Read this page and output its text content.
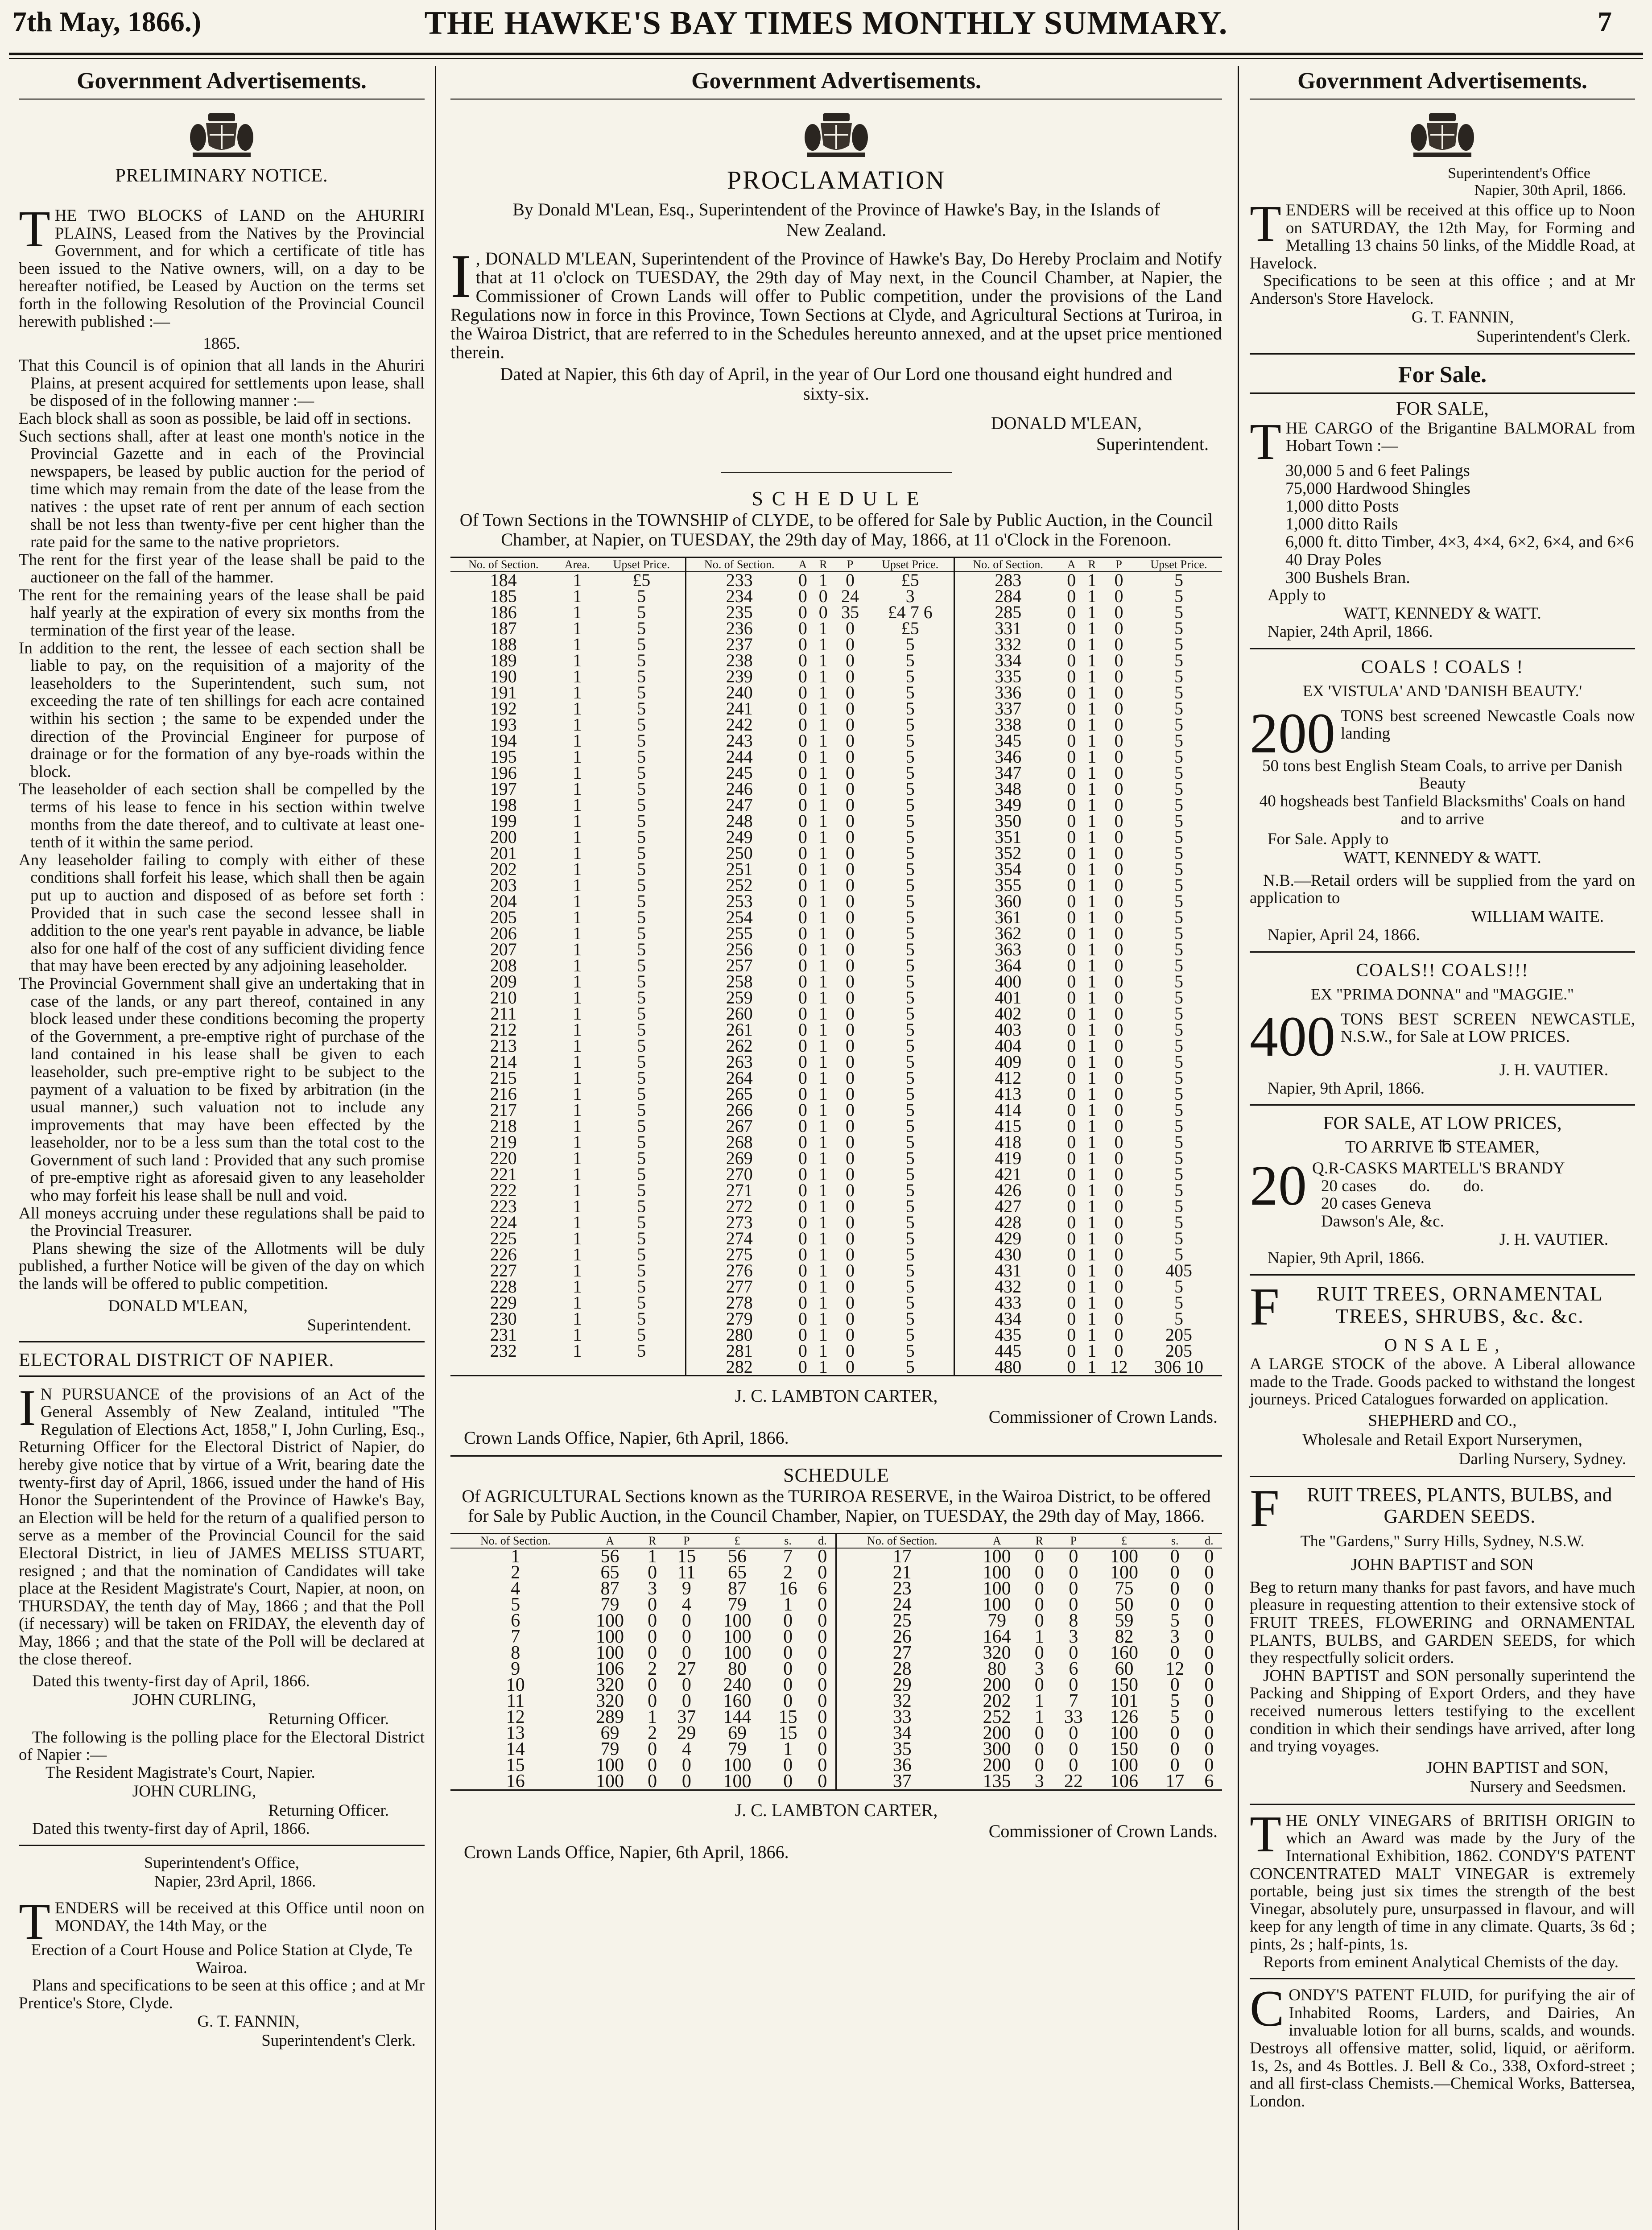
7th May, 1866.)	THE HAWKE'S BAY TIMES MONTHLY SUMMARY.	7
Government Advertisements.

PRELIMINARY NOTICE.

THE TWO BLOCKS of LAND on the AHURIRI PLAINS, Leased from the Natives by the Provincial Government, and for which a certificate of title has been issued to the Native owners, will, on a day to be hereafter notified, be Leased by Auction on the terms set forth in the following Resolution of the Provincial Council herewith published :—

1865.

That this Council is of opinion that all lands in the Ahuriri Plains, at present acquired for settlements upon lease, shall be disposed of in the following manner :—

Each block shall as soon as possible, be laid off in sections.

Such sections shall, after at least one month's notice in the Provincial Gazette and in each of the Provincial newspapers, be leased by public auction for the period of time which may remain from the date of the lease from the natives : the upset rate of rent per annum of each section shall be not less than twenty-five per cent higher than the rate paid for the same to the native proprietors.

The rent for the first year of the lease shall be paid to the auctioneer on the fall of the hammer.

The rent for the remaining years of the lease shall be paid half yearly at the expiration of every six months from the termination of the first year of the lease.

In addition to the rent, the lessee of each section shall be liable to pay, on the requisition of a majority of the leaseholders to the Superintendent, such sum, not exceeding the rate of ten shillings for each acre contained within his section ; the same to be expended under the direction of the Provincial Engineer for purpose of drainage or for the formation of any bye-roads within the block.

The leaseholder of each section shall be compelled by the terms of his lease to fence in his section within twelve months from the date thereof, and to cultivate at least one-tenth of it within the same period.

Any leaseholder failing to comply with either of these conditions shall forfeit his lease, which shall then be again put up to auction and disposed of as before set forth : Provided that in such case the second lessee shall in addition to the one year's rent payable in advance, be liable also for one half of the cost of any sufficient dividing fence that may have been erected by any adjoining leaseholder.

The Provincial Government shall give an undertaking that in case of the lands, or any part thereof, contained in any block leased under these conditions becoming the property of the Government, a pre-emptive right of purchase of the land contained in his lease shall be given to each leaseholder, such pre-emptive right to be subject to the payment of a valuation to be fixed by arbitration (in the usual manner,) such valuation not to include any improvements that may have been effected by the leaseholder, nor to be a less sum than the total cost to the Government of such land : Provided that any such promise of pre-emptive right as aforesaid given to any leaseholder who may forfeit his lease shall be null and void.

All moneys accruing under these regulations shall be paid to the Provincial Treasurer.

Plans shewing the size of the Allotments will be duly published, a further Notice will be given of the day on which the lands will be offered to public competition.

DONALD M'LEAN,

Superintendent.

ELECTORAL DISTRICT OF NAPIER.

I N PURSUANCE of the provisions of an Act of the General Assembly of New Zealand, intituled "The Regulation of Elections Act, 1858," I, John Curling, Esq., Returning Officer for the Electoral District of Napier, do hereby give notice that by virtue of a Writ, bearing date the twenty-first day of April, 1866, issued under the hand of His Honor the Superintendent of the Province of Hawke's Bay, an Election will be held for the return of a qualified person to serve as a member of the Provincial Council for the said Electoral District, in lieu of JAMES MELISS STUART, resigned ; and that the nomination of Candidates will take place at the Resident Magistrate's Court, Napier, at noon, on THURSDAY, the tenth day of May, 1866 ; and that the Poll (if necessary) will be taken on FRIDAY, the eleventh day of May, 1866 ; and that the state of the Poll will be declared at the close thereof.

Dated this twenty-first day of April, 1866.

JOHN CURLING,

Returning Officer.

The following is the polling place for the Electoral District of Napier :—

The Resident Magistrate's Court, Napier.

JOHN CURLING,

Returning Officer.

Dated this twenty-first day of April, 1866.

Superintendent's Office,

Napier, 23rd April, 1866.

TENDERS will be received at this Office until noon on MONDAY, the 14th May, or the

Erection of a Court House and Police Station at Clyde, Te Wairoa.

Plans and specifications to be seen at this office ; and at Mr Prentice's Store, Clyde.

G. T. FANNIN,

Superintendent's Clerk.

Government Advertisements.

PROCLAMATION

By Donald M'Lean, Esq., Superintendent of the Province of Hawke's Bay, in the Islands of New Zealand.

I , DONALD M'LEAN, Superintendent of the Province of Hawke's Bay, Do Hereby Proclaim and Notify that at 11 o'clock on TUESDAY, the 29th day of May next, in the Council Chamber, at Napier, the Commissioner of Crown Lands will offer to Public competition, under the provisions of the Land Regulations now in force in this Province, Town Sections at Clyde, and Agricultural Sections at Turiroa, in the Wairoa District, that are referred to in the Schedules hereunto annexed, and at the upset price mentioned therein.

Dated at Napier, this 6th day of April, in the year of Our Lord one thousand eight hundred and sixty-six.

DONALD M'LEAN,

Superintendent.

S C H E D U L E

Of Town Sections in the TOWNSHIP of CLYDE, to be offered for Sale by Public Auction, in the Council Chamber, at Napier, on TUESDAY, the 29th day of May, 1866, at 11 o'Clock in the Forenoon.

No. of Section.	Area.	Upset Price.	No. of Section.	A	R	P	Upset Price.	No. of Section.	A	R	P	Upset Price.
184	1	£5	233	0	1	0	£5	283	0	1	0	5
185	1	5	234	0	0	24	3	284	0	1	0	5
186	1	5	235	0	0	35	£4 7 6	285	0	1	0	5
187	1	5	236	0	1	0	£5	331	0	1	0	5
188	1	5	237	0	1	0	5	332	0	1	0	5
189	1	5	238	0	1	0	5	334	0	1	0	5
190	1	5	239	0	1	0	5	335	0	1	0	5
191	1	5	240	0	1	0	5	336	0	1	0	5
192	1	5	241	0	1	0	5	337	0	1	0	5
193	1	5	242	0	1	0	5	338	0	1	0	5
194	1	5	243	0	1	0	5	345	0	1	0	5
195	1	5	244	0	1	0	5	346	0	1	0	5
196	1	5	245	0	1	0	5	347	0	1	0	5
197	1	5	246	0	1	0	5	348	0	1	0	5
198	1	5	247	0	1	0	5	349	0	1	0	5
199	1	5	248	0	1	0	5	350	0	1	0	5
200	1	5	249	0	1	0	5	351	0	1	0	5
201	1	5	250	0	1	0	5	352	0	1	0	5
202	1	5	251	0	1	0	5	354	0	1	0	5
203	1	5	252	0	1	0	5	355	0	1	0	5
204	1	5	253	0	1	0	5	360	0	1	0	5
205	1	5	254	0	1	0	5	361	0	1	0	5
206	1	5	255	0	1	0	5	362	0	1	0	5
207	1	5	256	0	1	0	5	363	0	1	0	5
208	1	5	257	0	1	0	5	364	0	1	0	5
209	1	5	258	0	1	0	5	400	0	1	0	5
210	1	5	259	0	1	0	5	401	0	1	0	5
211	1	5	260	0	1	0	5	402	0	1	0	5
212	1	5	261	0	1	0	5	403	0	1	0	5
213	1	5	262	0	1	0	5	404	0	1	0	5
214	1	5	263	0	1	0	5	409	0	1	0	5
215	1	5	264	0	1	0	5	412	0	1	0	5
216	1	5	265	0	1	0	5	413	0	1	0	5
217	1	5	266	0	1	0	5	414	0	1	0	5
218	1	5	267	0	1	0	5	415	0	1	0	5
219	1	5	268	0	1	0	5	418	0	1	0	5
220	1	5	269	0	1	0	5	419	0	1	0	5
221	1	5	270	0	1	0	5	421	0	1	0	5
222	1	5	271	0	1	0	5	426	0	1	0	5
223	1	5	272	0	1	0	5	427	0	1	0	5
224	1	5	273	0	1	0	5	428	0	1	0	5
225	1	5	274	0	1	0	5	429	0	1	0	5
226	1	5	275	0	1	0	5	430	0	1	0	5
227	1	5	276	0	1	0	5	431	0	1	0	405
228	1	5	277	0	1	0	5	432	0	1	0	5
229	1	5	278	0	1	0	5	433	0	1	0	5
230	1	5	279	0	1	0	5	434	0	1	0	5
231	1	5	280	0	1	0	5	435	0	1	0	205
232	1	5	281	0	1	0	5	445	0	1	0	205
			282	0	1	0	5	480	0	1	12	306 10

J. C. LAMBTON CARTER,

Commissioner of Crown Lands.

Crown Lands Office, Napier, 6th April, 1866.

SCHEDULE

Of AGRICULTURAL Sections known as the TURIROA RESERVE, in the Wairoa District, to be offered for Sale by Public Auction, in the Council Chamber, Napier, on TUESDAY, the 29th day of May, 1866.

No. of Section.	A	R	P	£	s.	d.	No. of Section.	A	R	P	£	s.	d.
1	56	1	15	56	7	0	17	100	0	0	100	0	0
2	65	0	11	65	2	0	21	100	0	0	100	0	0
4	87	3	9	87	16	6	23	100	0	0	75	0	0
5	79	0	4	79	1	0	24	100	0	0	50	0	0
6	100	0	0	100	0	0	25	79	0	8	59	5	0
7	100	0	0	100	0	0	26	164	1	3	82	3	0
8	100	0	0	100	0	0	27	320	0	0	160	0	0
9	106	2	27	80	0	0	28	80	3	6	60	12	0
10	320	0	0	240	0	0	29	200	0	0	150	0	0
11	320	0	0	160	0	0	32	202	1	7	101	5	0
12	289	1	37	144	15	0	33	252	1	33	126	5	0
13	69	2	29	69	15	0	34	200	0	0	100	0	0
14	79	0	4	79	1	0	35	300	0	0	150	0	0
15	100	0	0	100	0	0	36	200	0	0	100	0	0
16	100	0	0	100	0	0	37	135	3	22	106	17	6

J. C. LAMBTON CARTER,

Commissioner of Crown Lands.

Crown Lands Office, Napier, 6th April, 1866.

Government Advertisements.

Superintendent's Office

Napier, 30th April, 1866.

TENDERS will be received at this office up to Noon on SATURDAY, the 12th May, for Forming and Metalling 13 chains 50 links, of the Middle Road, at Havelock.

Specifications to be seen at this office ; and at Mr Anderson's Store Havelock.

G. T. FANNIN,

Superintendent's Clerk.

For Sale.

FOR SALE,

THE CARGO of the Brigantine BALMORAL from Hobart Town :—

30,000 5 and 6 feet Palings

75,000 Hardwood Shingles

1,000 ditto Posts

1,000 ditto Rails

6,000 ft. ditto Timber, 4×3, 4×4, 6×2, 6×4, and 6×6

40 Dray Poles

300 Bushels Bran.

Apply to

WATT, KENNEDY & WATT.

Napier, 24th April, 1866.

COALS ! COALS !

EX 'VISTULA' AND 'DANISH BEAUTY.'

200 TONS best screened Newcastle Coals now landing

50 tons best English Steam Coals, to arrive per Danish Beauty

40 hogsheads best Tanfield Blacksmiths' Coals on hand and to arrive

For Sale. Apply to

WATT, KENNEDY & WATT.

N.B.—Retail orders will be supplied from the yard on application to

WILLIAM WAITE.

Napier, April 24, 1866.

COALS!! COALS!!!

EX "PRIMA DONNA" and "MAGGIE."

400 TONS BEST SCREEN NEWCASTLE, N.S.W., for Sale at LOW PRICES.

J. H. VAUTIER.

Napier, 9th April, 1866.

FOR SALE, AT LOW PRICES,

TO ARRIVE ℔ STEAMER,

20 Q.R-CASKS MARTELL'S BRANDY

20 cases        do.        do.

20 cases Geneva

Dawson's Ale, &c.

J. H. VAUTIER.

Napier, 9th April, 1866.

F RUIT TREES, ORNAMENTAL TREES, SHRUBS, &c. &c.

O N S A L E ,

A LARGE STOCK of the above. A Liberal allowance made to the Trade. Goods packed to withstand the longest journeys. Priced Catalogues forwarded on application.

SHEPHERD and CO.,

Wholesale and Retail Export Nurserymen,

Darling Nursery, Sydney.

F RUIT TREES, PLANTS, BULBS, and GARDEN SEEDS.

The "Gardens," Surry Hills, Sydney, N.S.W.

JOHN BAPTIST and SON

Beg to return many thanks for past favors, and have much pleasure in requesting attention to their extensive stock of FRUIT TREES, FLOWERING and ORNAMENTAL PLANTS, BULBS, and GARDEN SEEDS, for which they respectfully solicit orders.

JOHN BAPTIST and SON personally superintend the Packing and Shipping of Export Orders, and they have received numerous letters testifying to the excellent condition in which their sendings have arrived, after long and trying voyages.

JOHN BAPTIST and SON,

Nursery and Seedsmen.

THE ONLY VINEGARS of BRITISH ORIGIN to which an Award was made by the Jury of the International Exhibition, 1862. CONDY'S PATENT CONCENTRATED MALT VINEGAR is extremely portable, being just six times the strength of the best Vinegar, absolutely pure, unsurpassed in flavour, and will keep for any length of time in any climate. Quarts, 3s 6d ; pints, 2s ; half-pints, 1s.

Reports from eminent Analytical Chemists of the day.

CONDY'S PATENT FLUID, for purifying the air of Inhabited Rooms, Larders, and Dairies, An invaluable lotion for all burns, scalds, and wounds. Destroys all offensive matter, solid, liquid, or aëriform. 1s, 2s, and 4s Bottles. J. Bell & Co., 338, Oxford-street ; and all first-class Chemists.—Chemical Works, Battersea, London.
